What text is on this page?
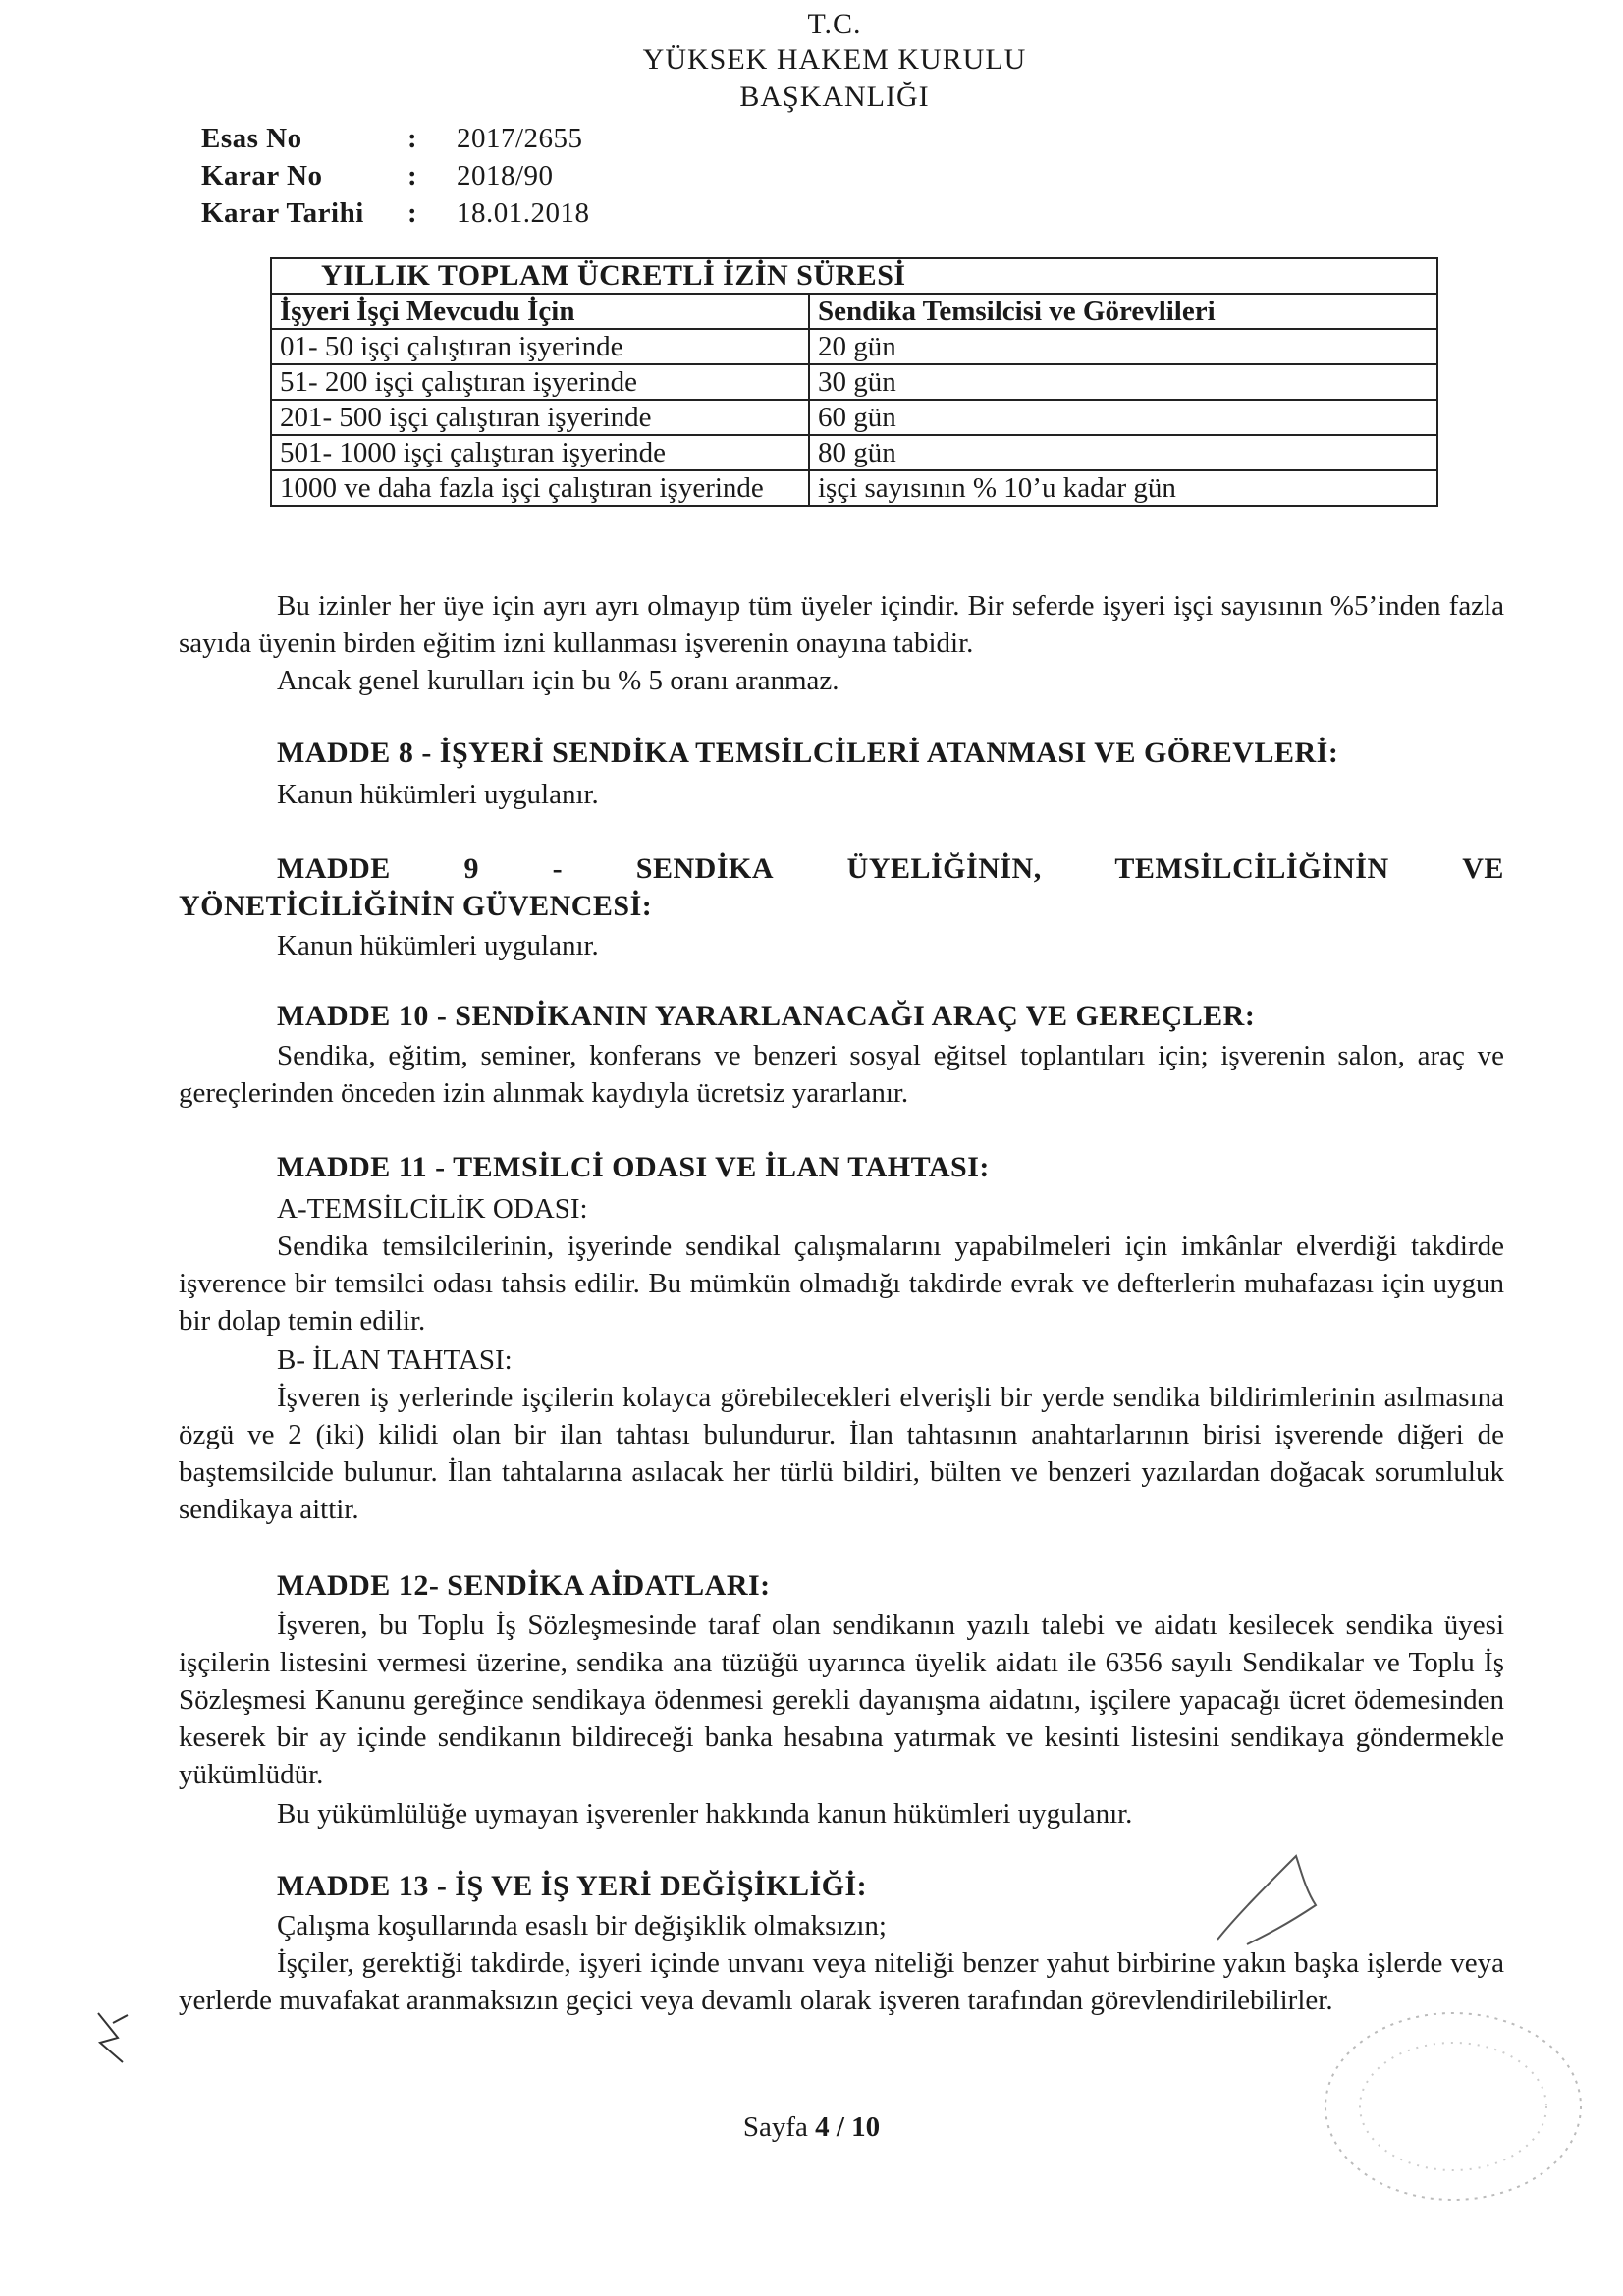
T.C.
YÜKSEK HAKEM KURULU
BAŞKANLIĞI
Esas No	:	2017/2655
Karar No	:	2018/90
Karar Tarihi	:	18.01.2018
YILLIK TOPLAM ÜCRETLİ İZİN SÜRESİ	
İşyeri İşçi Mevcudu İçin	Sendika Temsilcisi ve Görevlileri
01- 50 işçi çalıştıran işyerinde	20 gün
51- 200 işçi çalıştıran işyerinde	30 gün
201- 500 işçi çalıştıran işyerinde	60 gün
501- 1000 işçi çalıştıran işyerinde	80 gün
1000 ve daha fazla işçi çalıştıran işyerinde	işçi sayısının % 10’u kadar gün
Bu izinler her üye için ayrı ayrı olmayıp tüm üyeler içindir. Bir seferde işyeri işçi sayısının %5’inden fazla sayıda üyenin birden eğitim izni kullanması işverenin onayına tabidir.
Ancak genel kurulları için bu % 5 oranı aranmaz.
MADDE 8 - İŞYERİ SENDİKA TEMSİLCİLERİ ATANMASI VE GÖREVLERİ:
Kanun hükümleri uygulanır.
MADDE 9 - SENDİKA ÜYELİĞİNİN, TEMSİLCİLİĞİNİN VE
YÖNETİCİLİĞİNİN GÜVENCESİ:
Kanun hükümleri uygulanır.
MADDE 10 - SENDİKANIN YARARLANACAĞI ARAÇ VE GEREÇLER:
Sendika, eğitim, seminer, konferans ve benzeri sosyal eğitsel toplantıları için; işverenin salon, araç ve gereçlerinden önceden izin alınmak kaydıyla ücretsiz yararlanır.
MADDE 11 - TEMSİLCİ ODASI VE İLAN TAHTASI:
A-TEMSİLCİLİK ODASI:
Sendika temsilcilerinin, işyerinde sendikal çalışmalarını yapabilmeleri için imkânlar elverdiği takdirde işverence bir temsilci odası tahsis edilir. Bu mümkün olmadığı takdirde evrak ve defterlerin muhafazası için uygun bir dolap temin edilir.
B- İLAN TAHTASI:
İşveren iş yerlerinde işçilerin kolayca görebilecekleri elverişli bir yerde sendika bildirimlerinin asılmasına özgü ve 2 (iki) kilidi olan bir ilan tahtası bulundurur. İlan tahtasının anahtarlarının birisi işverende diğeri de baştemsilcide bulunur. İlan tahtalarına asılacak her türlü bildiri, bülten ve benzeri yazılardan doğacak sorumluluk sendikaya aittir.
MADDE 12- SENDİKA AİDATLARI:
İşveren, bu Toplu İş Sözleşmesinde taraf olan sendikanın yazılı talebi ve aidatı kesilecek sendika üyesi işçilerin listesini vermesi üzerine, sendika ana tüzüğü uyarınca üyelik aidatı ile 6356 sayılı Sendikalar ve Toplu İş Sözleşmesi Kanunu gereğince sendikaya ödenmesi gerekli dayanışma aidatını, işçilere yapacağı ücret ödemesinden keserek bir ay içinde sendikanın bildireceği banka hesabına yatırmak ve kesinti listesini sendikaya göndermekle yükümlüdür.
Bu yükümlülüğe uymayan işverenler hakkında kanun hükümleri uygulanır.
MADDE 13 - İŞ VE İŞ YERİ DEĞİŞİKLİĞİ:
Çalışma koşullarında esaslı bir değişiklik olmaksızın;
İşçiler, gerektiği takdirde, işyeri içinde unvanı veya niteliği benzer yahut birbirine yakın başka işlerde veya yerlerde muvafakat aranmaksızın geçici veya devamlı olarak işveren tarafından görevlendirilebilirler.
Sayfa 4 / 10
